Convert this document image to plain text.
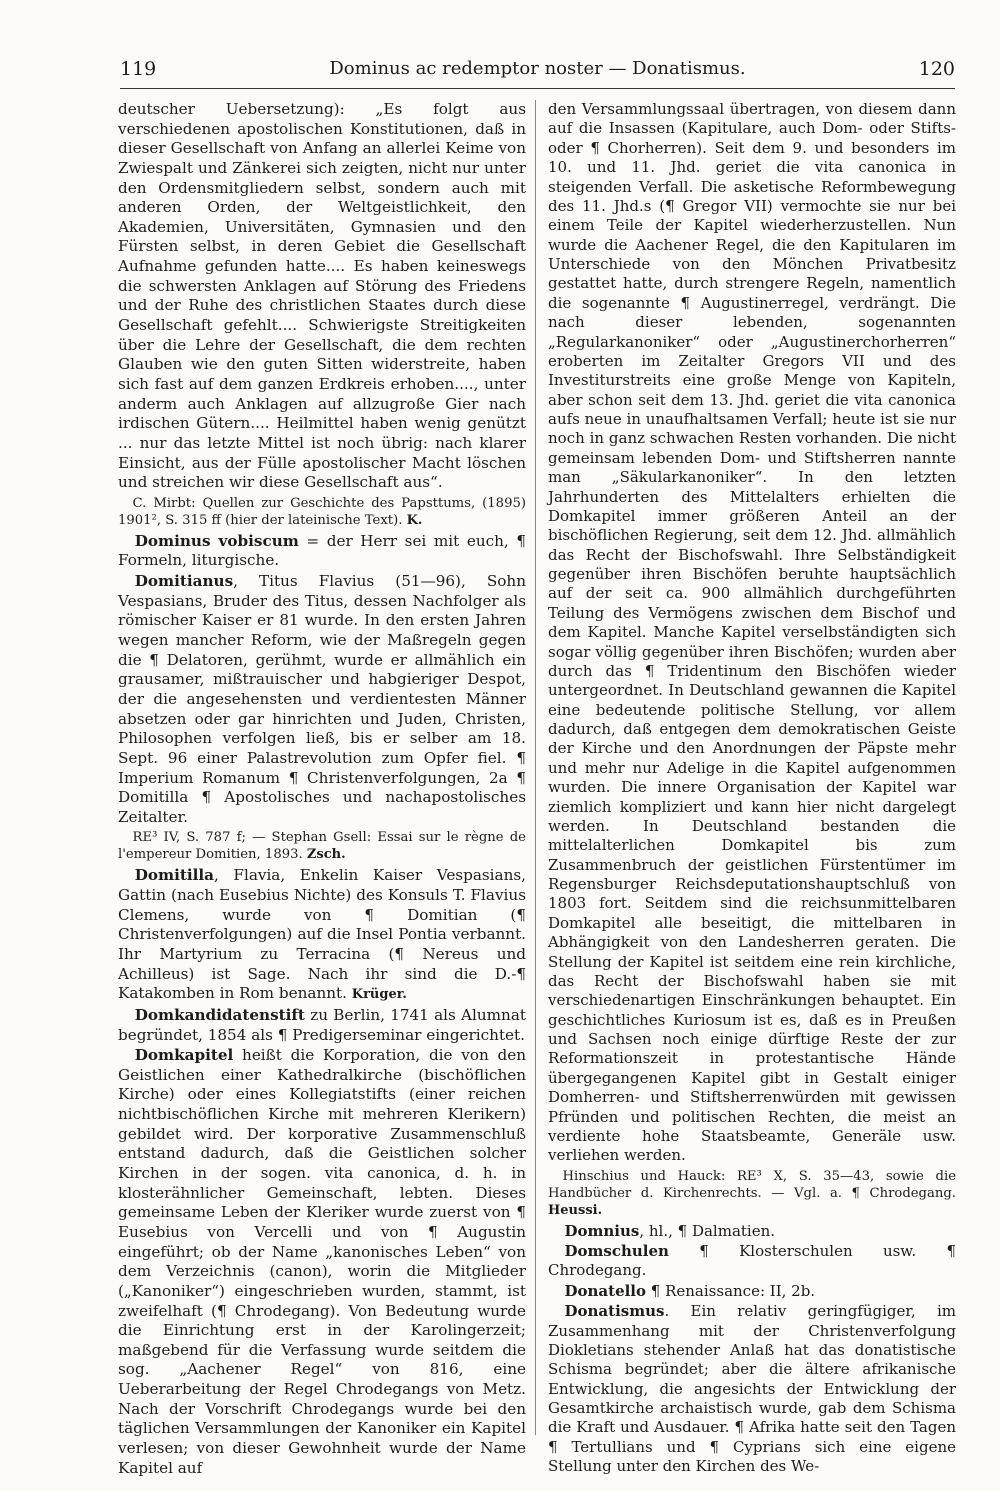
119	Dominus ac redemptor noster — Donatismus.	120

deutscher Uebersetzung): „Es folgt aus verschiedenen apostolischen Konstitutionen, daß in dieser Gesellschaft von Anfang an allerlei Keime von Zwiespalt und Zänkerei sich zeigten, nicht nur unter den Ordensmitgliedern selbst, sondern auch mit anderen Orden, der Weltgeistlichkeit, den Akademien, Universitäten, Gymnasien und den Fürsten selbst, in deren Gebiet die Gesellschaft Aufnahme gefunden hatte.... Es haben keineswegs die schwersten Anklagen auf Störung des Friedens und der Ruhe des christlichen Staates durch diese Gesellschaft gefehlt.... Schwierigste Streitigkeiten über die Lehre der Gesellschaft, die dem rechten Glauben wie den guten Sitten widerstreite, haben sich fast auf dem ganzen Erdkreis erhoben...., unter anderm auch Anklagen auf allzugroße Gier nach irdischen Gütern.... Heilmittel haben wenig genützt ... nur das letzte Mittel ist noch übrig: nach klarer Einsicht, aus der Fülle apostolischer Macht löschen und streichen wir diese Gesellschaft aus“.

C. Mirbt: Quellen zur Geschichte des Papsttums, (1895) 1901², S. 315 ff (hier der lateinische Text). K.

Dominus vobiscum = der Herr sei mit euch, ¶ Formeln, liturgische.

Domitianus, Titus Flavius (51—96), Sohn Vespasians, Bruder des Titus, dessen Nachfolger als römischer Kaiser er 81 wurde. In den ersten Jahren wegen mancher Reform, wie der Maßregeln gegen die ¶ Delatoren, gerühmt, wurde er allmählich ein grausamer, mißtrauischer und habgieriger Despot, der die angesehensten und verdientesten Männer absetzen oder gar hinrichten und Juden, Christen, Philosophen verfolgen ließ, bis er selber am 18. Sept. 96 einer Palastrevolution zum Opfer fiel. ¶ Imperium Romanum ¶ Christenverfolgungen, 2a ¶ Domitilla ¶ Apostolisches und nachapostolisches Zeitalter.

RE³ IV, S. 787 f; — Stephan Gsell: Essai sur le règne de l'empereur Domitien, 1893. Zsch.

Domitilla, Flavia, Enkelin Kaiser Vespasians, Gattin (nach Eusebius Nichte) des Konsuls T. Flavius Clemens, wurde von ¶ Domitian (¶ Christenverfolgungen) auf die Insel Pontia verbannt. Ihr Martyrium zu Terracina (¶ Nereus und Achilleus) ist Sage. Nach ihr sind die D.-¶ Katakomben in Rom benannt. Krüger.

Domkandidatenstift zu Berlin, 1741 als Alumnat begründet, 1854 als ¶ Predigerseminar eingerichtet.

Domkapitel heißt die Korporation, die von den Geistlichen einer Kathedralkirche (bischöflichen Kirche) oder eines Kollegiatstifts (einer reichen nichtbischöflichen Kirche mit mehreren Klerikern) gebildet wird. Der korporative Zusammenschluß entstand dadurch, daß die Geistlichen solcher Kirchen in der sogen. vita canonica, d. h. in klosterähnlicher Gemeinschaft, lebten. Dieses gemeinsame Leben der Kleriker wurde zuerst von ¶ Eusebius von Vercelli und von ¶ Augustin eingeführt; ob der Name „kanonisches Leben“ von dem Verzeichnis (canon), worin die Mitglieder („Kanoniker“) eingeschrieben wurden, stammt, ist zweifelhaft (¶ Chrodegang). Von Bedeutung wurde die Einrichtung erst in der Karolingerzeit; maßgebend für die Verfassung wurde seitdem die sog. „Aachener Regel“ von 816, eine Ueberarbeitung der Regel Chrodegangs von Metz. Nach der Vorschrift Chrodegangs wurde bei den täglichen Versammlungen der Kanoniker ein Kapitel verlesen; von dieser Gewohnheit wurde der Name Kapitel auf

den Versammlungssaal übertragen, von diesem dann auf die Insassen (Kapitulare, auch Dom- oder Stifts- oder ¶ Chorherren). Seit dem 9. und besonders im 10. und 11. Jhd. geriet die vita canonica in steigenden Verfall. Die asketische Reformbewegung des 11. Jhd.s (¶ Gregor VII) vermochte sie nur bei einem Teile der Kapitel wiederherzustellen. Nun wurde die Aachener Regel, die den Kapitularen im Unterschiede von den Mönchen Privatbesitz gestattet hatte, durch strengere Regeln, namentlich die sogenannte ¶ Augustinerregel, verdrängt. Die nach dieser lebenden, sogenannten „Regularkanoniker“ oder „Augustinerchorherren“ eroberten im Zeitalter Gregors VII und des Investiturstreits eine große Menge von Kapiteln, aber schon seit dem 13. Jhd. geriet die vita canonica aufs neue in unaufhaltsamen Verfall; heute ist sie nur noch in ganz schwachen Resten vorhanden. Die nicht gemeinsam lebenden Dom- und Stiftsherren nannte man „Säkularkanoniker“. In den letzten Jahrhunderten des Mittelalters erhielten die Domkapitel immer größeren Anteil an der bischöflichen Regierung, seit dem 12. Jhd. allmählich das Recht der Bischofswahl. Ihre Selbständigkeit gegenüber ihren Bischöfen beruhte hauptsächlich auf der seit ca. 900 allmählich durchgeführten Teilung des Vermögens zwischen dem Bischof und dem Kapitel. Manche Kapitel verselbständigten sich sogar völlig gegenüber ihren Bischöfen; wurden aber durch das ¶ Tridentinum den Bischöfen wieder untergeordnet. In Deutschland gewannen die Kapitel eine bedeutende politische Stellung, vor allem dadurch, daß entgegen dem demokratischen Geiste der Kirche und den Anordnungen der Päpste mehr und mehr nur Adelige in die Kapitel aufgenommen wurden. Die innere Organisation der Kapitel war ziemlich kompliziert und kann hier nicht dargelegt werden. In Deutschland bestanden die mittelalterlichen Domkapitel bis zum Zusammenbruch der geistlichen Fürstentümer im Regensburger Reichsdeputationshauptschluß von 1803 fort. Seitdem sind die reichsunmittelbaren Domkapitel alle beseitigt, die mittelbaren in Abhängigkeit von den Landesherren geraten. Die Stellung der Kapitel ist seitdem eine rein kirchliche, das Recht der Bischofswahl haben sie mit verschiedenartigen Einschränkungen behauptet. Ein geschichtliches Kuriosum ist es, daß es in Preußen und Sachsen noch einige dürftige Reste der zur Reformationszeit in protestantische Hände übergegangenen Kapitel gibt in Gestalt einiger Domherren- und Stiftsherrenwürden mit gewissen Pfründen und politischen Rechten, die meist an verdiente hohe Staatsbeamte, Generäle usw. verliehen werden.

Hinschius und Hauck: RE³ X, S. 35—43, sowie die Handbücher d. Kirchenrechts. — Vgl. a. ¶ Chrodegang. Heussi.

Domnius, hl., ¶ Dalmatien.

Domschulen ¶ Klosterschulen usw. ¶ Chrodegang.

Donatello ¶ Renaissance: II, 2b.

Donatismus. Ein relativ geringfügiger, im Zusammenhang mit der Christenverfolgung Diokletians stehender Anlaß hat das donatistische Schisma begründet; aber die ältere afrikanische Entwicklung, die angesichts der Entwicklung der Gesamtkirche archaistisch wurde, gab dem Schisma die Kraft und Ausdauer. ¶ Afrika hatte seit den Tagen ¶ Tertullians und ¶ Cyprians sich eine eigene Stellung unter den Kirchen des We-
